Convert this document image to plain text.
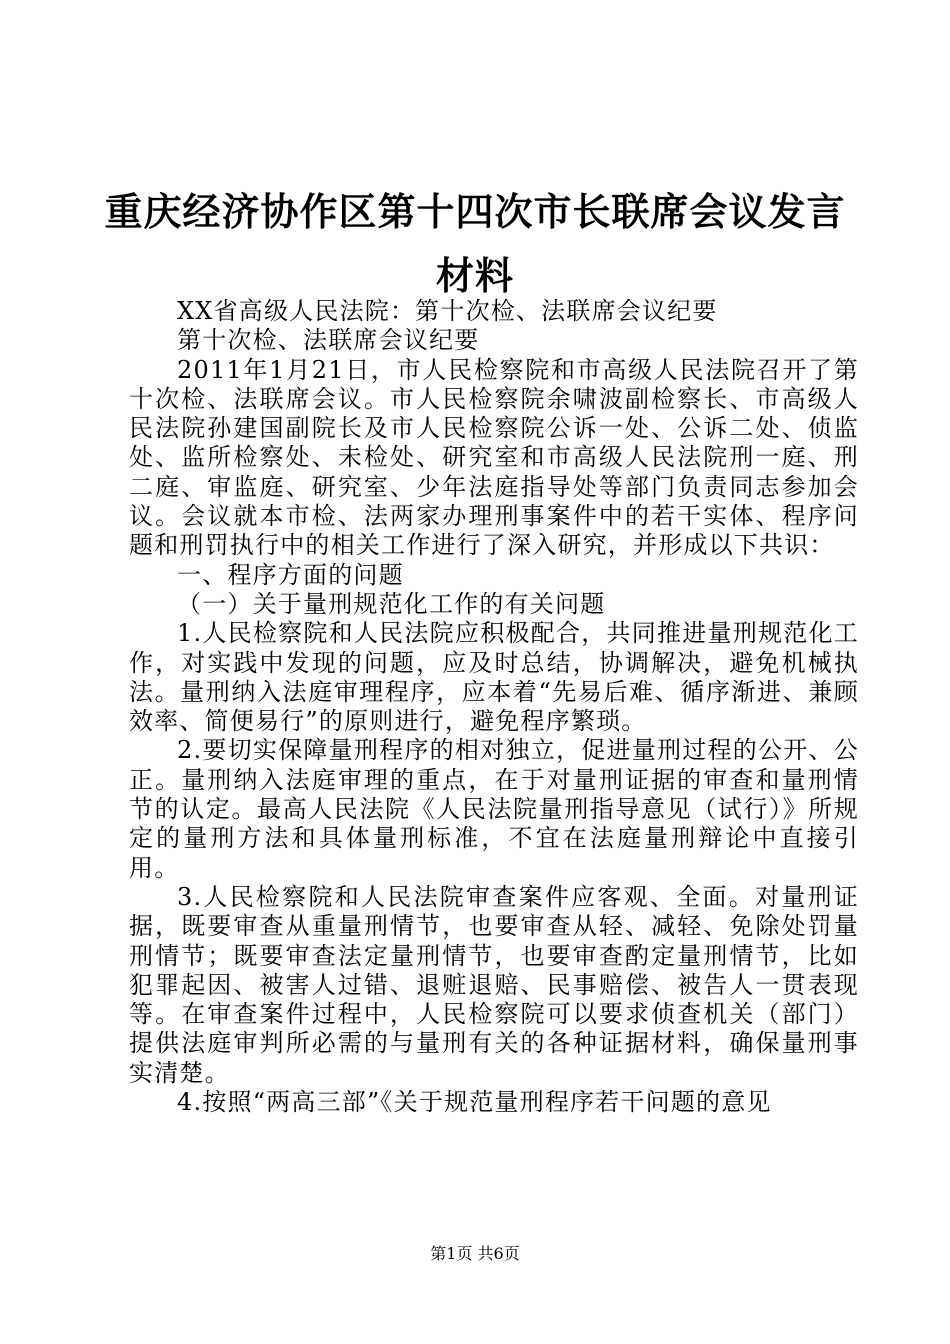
重庆经济协作区第十四次市长联席会议发言材料

XX省高级人民法院：第十次检、法联席会议纪要

第十次检、法联席会议纪要

2011年1月21日，市人民检察院和市高级人民法院召开了第十次检、法联席会议。市人民检察院余啸波副检察长、市高级人民法院孙建国副院长及市人民检察院公诉一处、公诉二处、侦监处、监所检察处、未检处、研究室和市高级人民法院刑一庭、刑二庭、审监庭、研究室、少年法庭指导处等部门负责同志参加会议。会议就本市检、法两家办理刑事案件中的若干实体、程序问题和刑罚执行中的相关工作进行了深入研究，并形成以下共识：

一、程序方面的问题

（一）关于量刑规范化工作的有关问题

1.人民检察院和人民法院应积极配合，共同推进量刑规范化工作，对实践中发现的问题，应及时总结，协调解决，避免机械执法。量刑纳入法庭审理程序，应本着“先易后难、循序渐进、兼顾效率、简便易行”的原则进行，避免程序繁琐。

2.要切实保障量刑程序的相对独立，促进量刑过程的公开、公正。量刑纳入法庭审理的重点，在于对量刑证据的审查和量刑情节的认定。最高人民法院《人民法院量刑指导意见（试行）》所规定的量刑方法和具体量刑标准，不宜在法庭量刑辩论中直接引用。

3.人民检察院和人民法院审查案件应客观、全面。对量刑证据，既要审查从重量刑情节，也要审查从轻、减轻、免除处罚量刑情节；既要审查法定量刑情节，也要审查酌定量刑情节，比如犯罪起因、被害人过错、退赃退赔、民事赔偿、被告人一贯表现等。在审查案件过程中，人民检察院可以要求侦查机关（部门）提供法庭审判所必需的与量刑有关的各种证据材料，确保量刑事实清楚。

4.按照“两高三部”《关于规范量刑程序若干问题的意见

第1页 共6页
